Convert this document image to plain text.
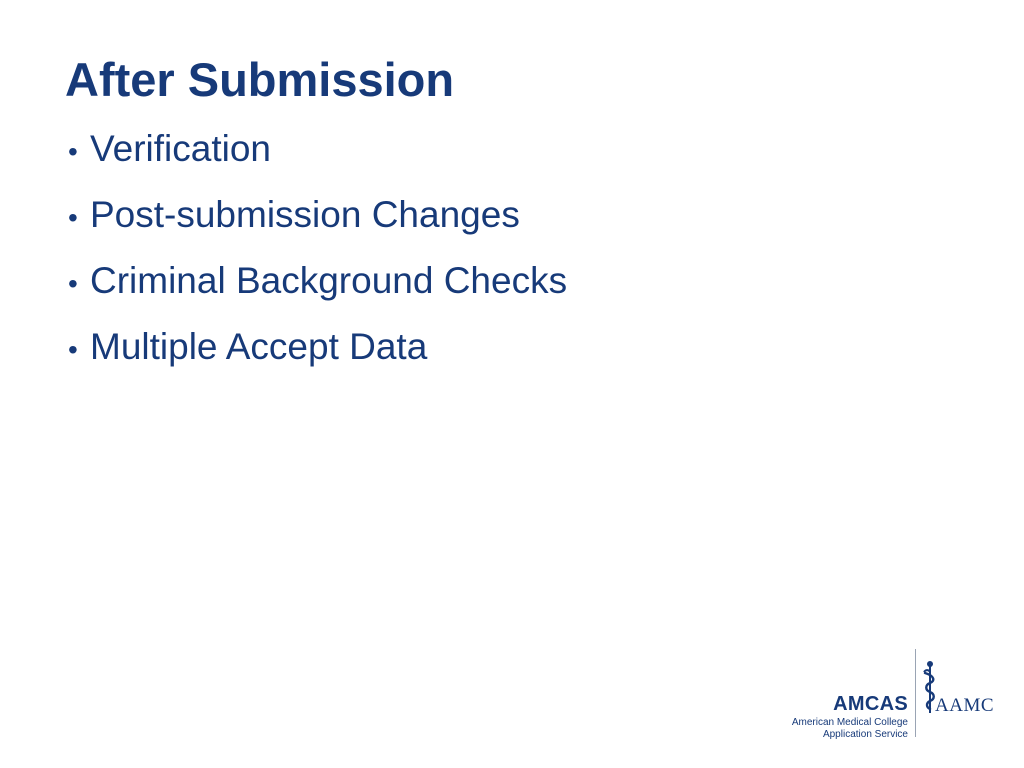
After Submission
• Verification
• Post-submission Changes
• Criminal Background Checks
• Multiple Accept Data
AMCAS
American Medical College
Application Service
AAMC
